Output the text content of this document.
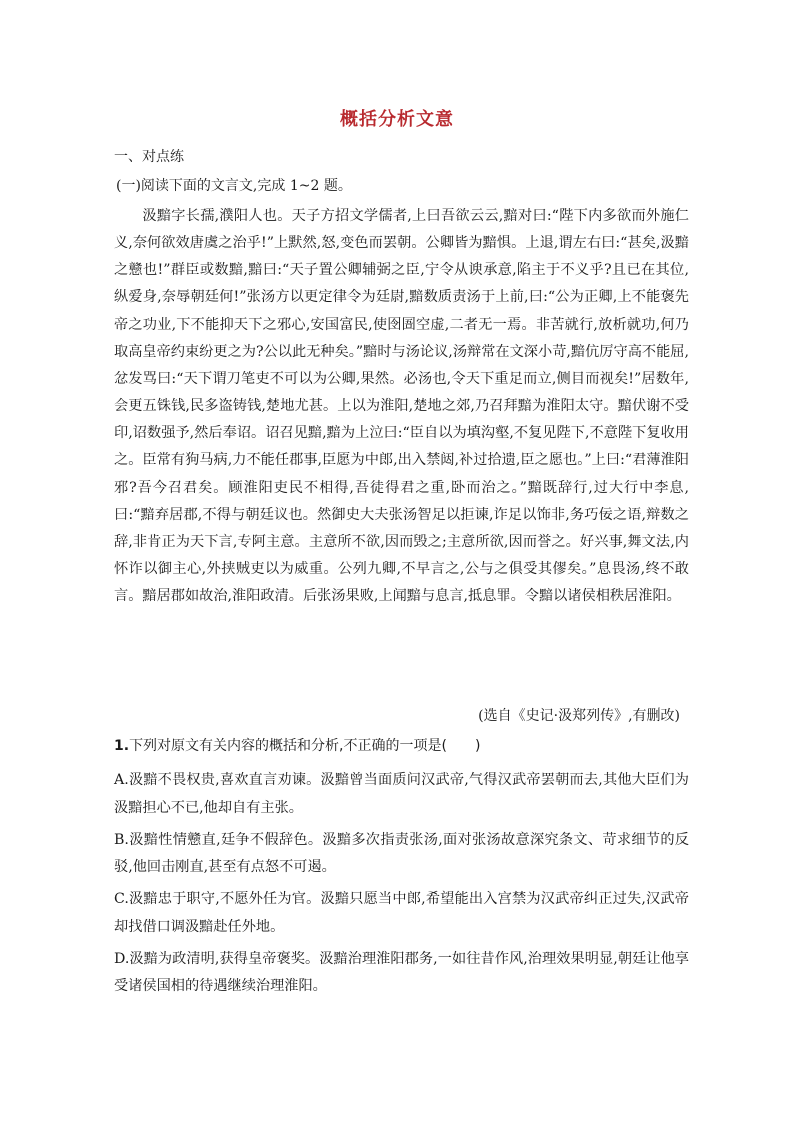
概括分析文意
一、对点练
(一)阅读下面的文言文,完成 1~2 题。

汲黯字长孺,濮阳人也。天子方招文学儒者,上曰吾欲云云,黯对曰:“陛下内多欲而外施仁义,奈何欲效唐虞之治乎!”上默然,怒,变色而罢朝。公卿皆为黯惧。上退,谓左右曰:“甚矣,汲黯之戆也!”群臣或数黯,黯曰:“天子置公卿辅弼之臣,宁令从谀承意,陷主于不义乎?且已在其位,纵爱身,奈辱朝廷何!”张汤方以更定律令为廷尉,黯数质责汤于上前,曰:“公为正卿,上不能褒先帝之功业,下不能抑天下之邪心,安国富民,使囹圄空虚,二者无一焉。非苦就行,放析就功,何乃取高皇帝约束纷更之为?公以此无种矣。”黯时与汤论议,汤辩常在文深小苛,黯伉厉守高不能屈,忿发骂曰:“天下谓刀笔吏不可以为公卿,果然。必汤也,令天下重足而立,侧目而视矣!”居数年,会更五铢钱,民多盗铸钱,楚地尤甚。上以为淮阳,楚地之郊,乃召拜黯为淮阳太守。黯伏谢不受印,诏数强予,然后奉诏。诏召见黯,黯为上泣曰:“臣自以为填沟壑,不复见陛下,不意陛下复收用之。臣常有狗马病,力不能任郡事,臣愿为中郎,出入禁闼,补过拾遗,臣之愿也。”上曰:“君薄淮阳邪?吾今召君矣。顾淮阳吏民不相得,吾徒得君之重,卧而治之。”黯既辞行,过大行中李息,曰:“黯弃居郡,不得与朝廷议也。然御史大夫张汤智足以拒谏,诈足以饰非,务巧佞之语,辩数之辞,非肯正为天下言,专阿主意。主意所不欲,因而毁之;主意所欲,因而誉之。好兴事,舞文法,内怀诈以御主心,外挟贼吏以为威重。公列九卿,不早言之,公与之俱受其僇矣。”息畏汤,终不敢言。黯居郡如故治,淮阳政清。后张汤果败,上闻黯与息言,抵息罪。令黯以诸侯相秩居淮阳。

(选自《史记·汲郑列传》,有删改)
1.下列对原文有关内容的概括和分析,不正确的一项是(　　)
A.汲黯不畏权贵,喜欢直言劝谏。汲黯曾当面质问汉武帝,气得汉武帝罢朝而去,其他大臣们为汲黯担心不已,他却自有主张。
B.汲黯性情戆直,廷争不假辞色。汲黯多次指责张汤,面对张汤故意深究条文、苛求细节的反驳,他回击刚直,甚至有点怒不可遏。
C.汲黯忠于职守,不愿外任为官。汲黯只愿当中郎,希望能出入宫禁为汉武帝纠正过失,汉武帝却找借口调汲黯赴任外地。
D.汲黯为政清明,获得皇帝褒奖。汲黯治理淮阳郡务,一如往昔作风,治理效果明显,朝廷让他享受诸侯国相的待遇继续治理淮阳。
